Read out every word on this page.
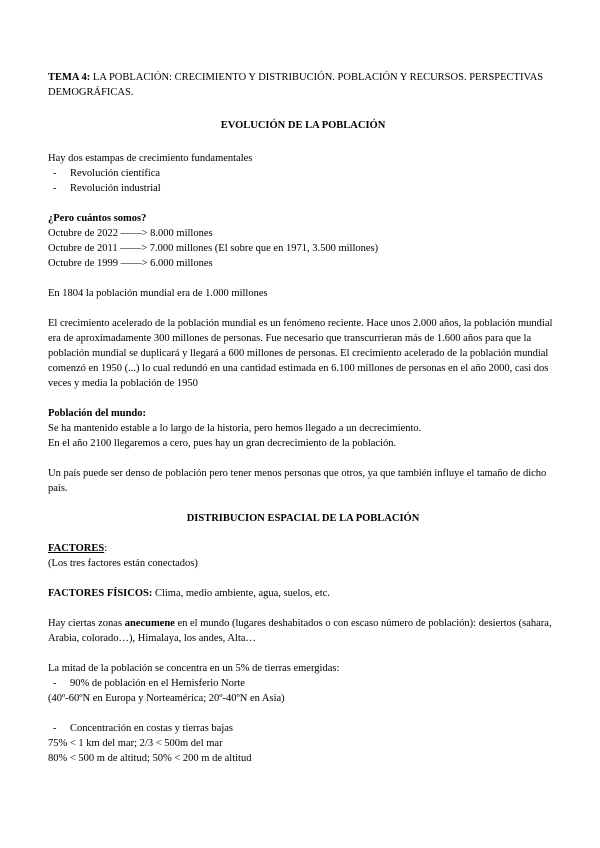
TEMA 4: LA POBLACIÓN: CRECIMIENTO Y DISTRIBUCIÓN. POBLACIÓN Y RECURSOS. PERSPECTIVAS DEMOGRÁFICAS.

EVOLUCIÓN DE LA POBLACIÓN

Hay dos estampas de crecimiento fundamentales

- Revolución científica
- Revolución industrial

¿Pero cuántos somos?

Octubre de 2022 ——> 8.000 millones

Octubre de 2011 ——> 7.000 millones (El sobre que en 1971, 3.500 millones)

Octubre de 1999 ——> 6.000 millones

En 1804 la población mundial era de 1.000 millones

El crecimiento acelerado de la población mundial es un fenómeno reciente. Hace unos 2.000 años, la población mundial era de aproximadamente 300 millones de personas. Fue necesario que transcurrieran más de 1.600 años para que la población mundial se duplicará y llegará a 600 millones de personas. El crecimiento acelerado de la población mundial comenzó en 1950 (...) lo cual redundó en una cantidad estimada en 6.100 millones de personas en el año 2000, casi dos veces y media la población de 1950

Población del mundo:

Se ha mantenido estable a lo largo de la historia, pero hemos llegado a un decrecimiento.

En el año 2100 llegaremos a cero, pues hay un gran decrecimiento de la población.

Un país puede ser denso de población pero tener menos personas que otros, ya que también influye el tamaño de dicho país.

DISTRIBUCION ESPACIAL DE LA POBLACIÓN

FACTORES:

(Los tres factores están conectados)

FACTORES FÍSICOS: Clima, medio ambiente, agua, suelos, etc.

Hay ciertas zonas anecumene en el mundo (lugares deshabitados o con escaso número de población): desiertos (sahara, Arabia, colorado…), Himalaya, los andes, Alta…

La mitad de la población se concentra en un 5% de tierras emergidas:

- 90% de población en el Hemisferio Norte

(40º-60ºN en Europa y Norteamérica; 20º-40ºN en Asia)

- Concentración en costas y tierras bajas

75% < 1 km del mar; 2/3 < 500m del mar

80% < 500 m de altitud; 50% < 200 m de altitud
